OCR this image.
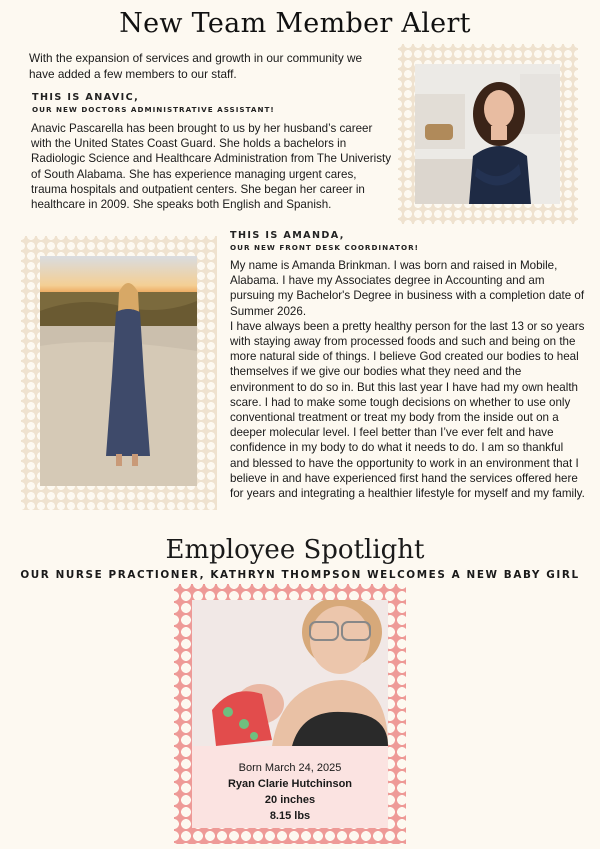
New Team Member Alert
With the expansion of services and growth in our community we have added a few members to our staff.
THIS IS ANAVIC,
OUR NEW DOCTORS ADMINISTRATIVE ASSISTANT!
Anavic Pascarella has been brought to us by her husband’s career with the United States Coast Guard. She holds a bachelors in Radiologic Science and Healthcare Administration from The Univeristy of South Alabama. She has experience managing urgent cares, trauma hospitals and outpatient centers. She began her career in healthcare in 2009. She speaks both English and Spanish.
THIS IS AMANDA,
OUR NEW FRONT DESK COORDINATOR!
My name is Amanda Brinkman. I was born and raised in Mobile, Alabama. I have my Associates degree in Accounting and am pursuing my Bachelor's Degree in business with a completion date of Summer 2026.
I have always been a pretty healthy person for the last 13 or so years with staying away from processed foods and such and being on the more natural side of things. I believe God created our bodies to heal themselves if we give our bodies what they need and the environment to do so in. But this last year I have had my own health scare. I had to make some tough decisions on whether to use only conventional treatment or treat my body from the inside out on a deeper molecular level. I feel better than I’ve ever felt and have confidence in my body to do what it needs to do. I am so thankful and blessed to have the opportunity to work in an environment that I believe in and have experienced first hand the services offered here for years and integrating a healthier lifestyle for myself and my family.
Employee Spotlight
OUR NURSE PRACTIONER, KATHRYN THOMPSON WELCOMES A NEW BABY GIRL
Born March 24, 2025
Ryan Clarie Hutchinson
20 inches
8.15 lbs
